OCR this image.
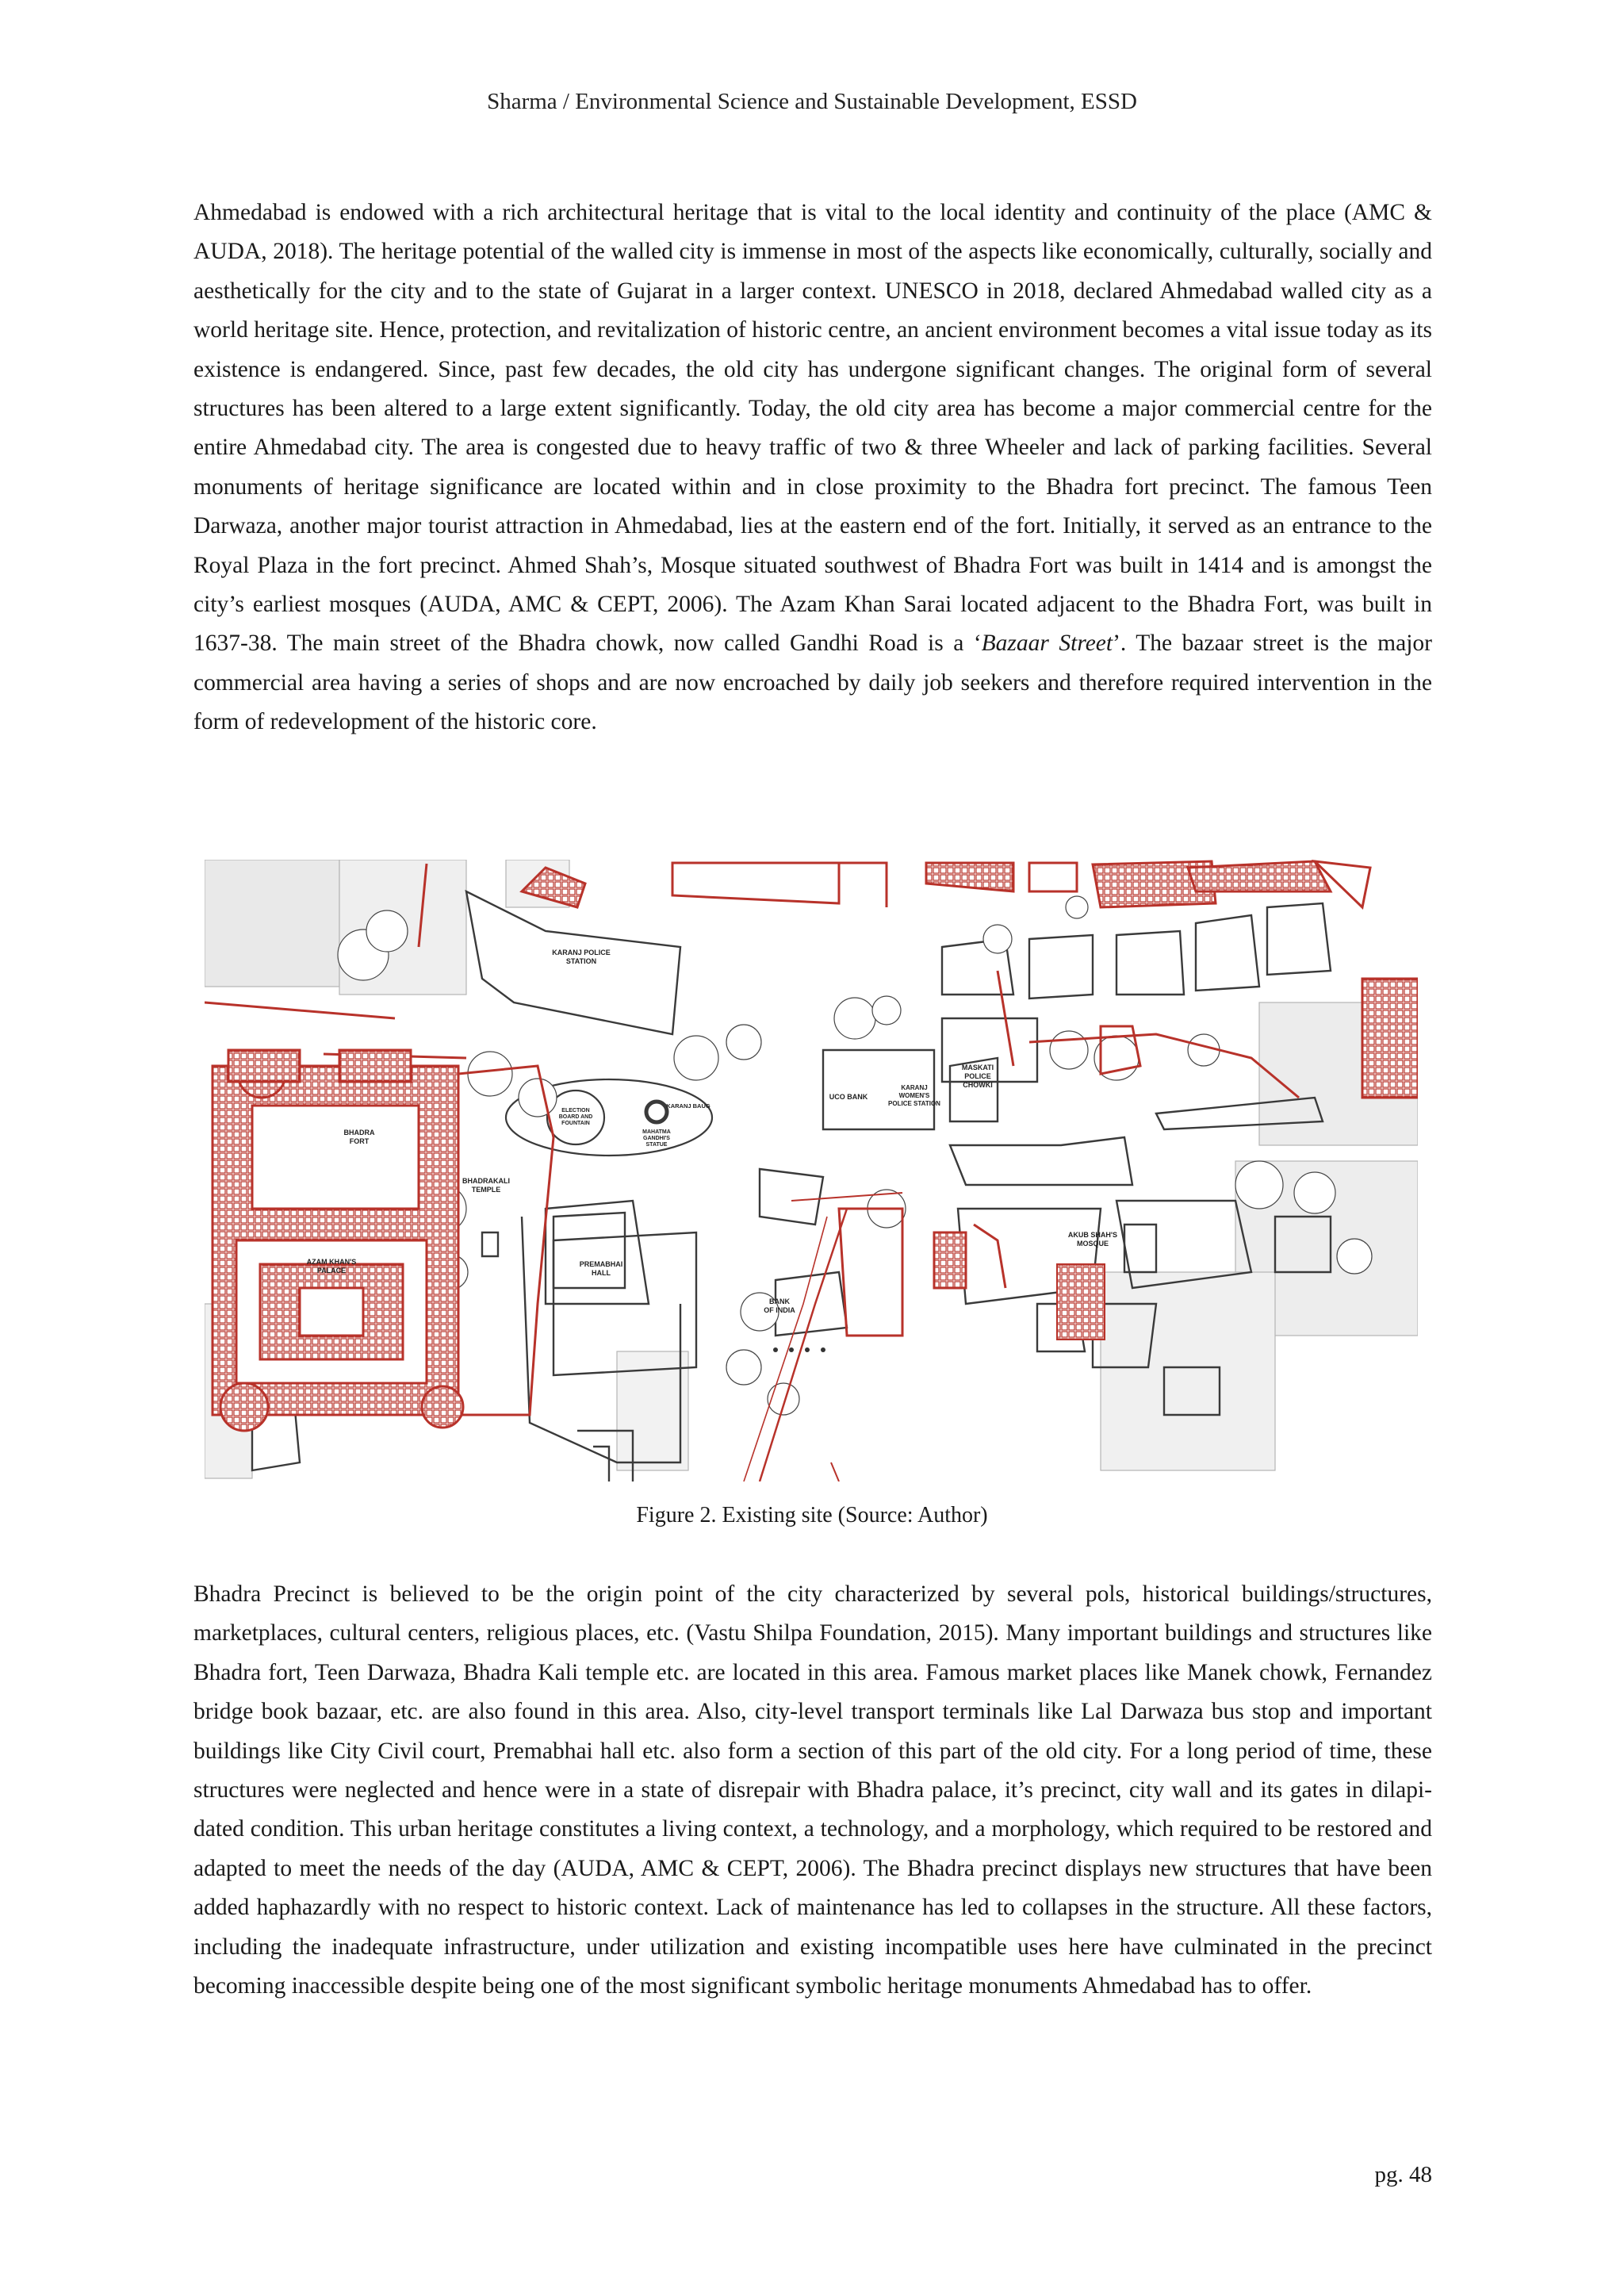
Sharma / Environmental Science and Sustainable Development, ESSD

Ahmedabad is endowed with a rich architectural heritage that is vital to the local identity and continuity of the place (AMC & AUDA, 2018). The heritage potential of the walled city is immense in most of the aspects like economically, culturally, socially and aesthetically for the city and to the state of Gujarat in a larger context. UNESCO in 2018, declared Ahmedabad walled city as a world heritage site. Hence, protection, and revitalization of historic centre, an ancient environment becomes a vital issue today as its existence is endangered. Since, past few decades, the old city has undergone significant changes. The original form of several structures has been altered to a large extent significantly. Today, the old city area has become a major commercial centre for the entire Ahmedabad city. The area is congested due to heavy traffic of two & three Wheeler and lack of parking facilities. Several monuments of heritage significance are located within and in close proximity to the Bhadra fort precinct. The famous Teen Darwaza, another major tourist attraction in Ahmedabad, lies at the eastern end of the fort. Initially, it served as an entrance to the Royal Plaza in the fort precinct. Ahmed Shah’s, Mosque situated southwest of Bhadra Fort was built in 1414 and is amongst the city’s earliest mosques (AUDA, AMC & CEPT, 2006). The Azam Khan Sarai located adjacent to the Bhadra Fort, was built in 1637-38. The main street of the Bhadra chowk, now called Gandhi Road is a ‘Bazaar Street’. The bazaar street is the major commercial area having a series of shops and are now encroached by daily job seekers and therefore required intervention in the form of redevelopment of the historic core.

KARANJ POLICE STATION
MASKATI POLICE CHOWKI
BHADRA FORT
BHADRAKALI TEMPLE
ELECTION BOARD AND FOUNTAIN
KARANJ BAUG
MAHATMA GANDHI'S STATUE
UCO BANK
KARANJ WOMEN'S POLICE STATION
AZAM KHAN'S PALACE
PREMABHAI HALL
BANK OF INDIA
AKUB SHAH'S MOSQUE
Figure 2. Existing site (Source: Author)

Bhadra Precinct is believed to be the origin point of the city characterized by several pols, historical buildings/structures, marketplaces, cultural centers, religious places, etc. (Vastu Shilpa Foundation, 2015). Many important buildings and structures like Bhadra fort, Teen Darwaza, Bhadra Kali temple etc. are located in this area. Famous market places like Manek chowk, Fernandez bridge book bazaar, etc. are also found in this area. Also, city-level transport terminals like Lal Darwaza bus stop and important buildings like City Civil court, Premabhai hall etc. also form a section of this part of the old city. For a long period of time, these structures were neglected and hence were in a state of disrepair with Bhadra palace, it’s precinct, city wall and its gates in dilapidated condition. This urban heritage constitutes a living context, a technology, and a morphology, which required to be restored and adapted to meet the needs of the day (AUDA, AMC & CEPT, 2006). The Bhadra precinct displays new structures that have been added haphazardly with no respect to historic context. Lack of maintenance has led to collapses in the structure. All these factors, including the inadequate infrastructure, under utilization and existing incompatible uses here have culminated in the precinct becoming inaccessible despite being one of the most significant symbolic heritage monuments Ahmedabad has to offer.

pg. 48
